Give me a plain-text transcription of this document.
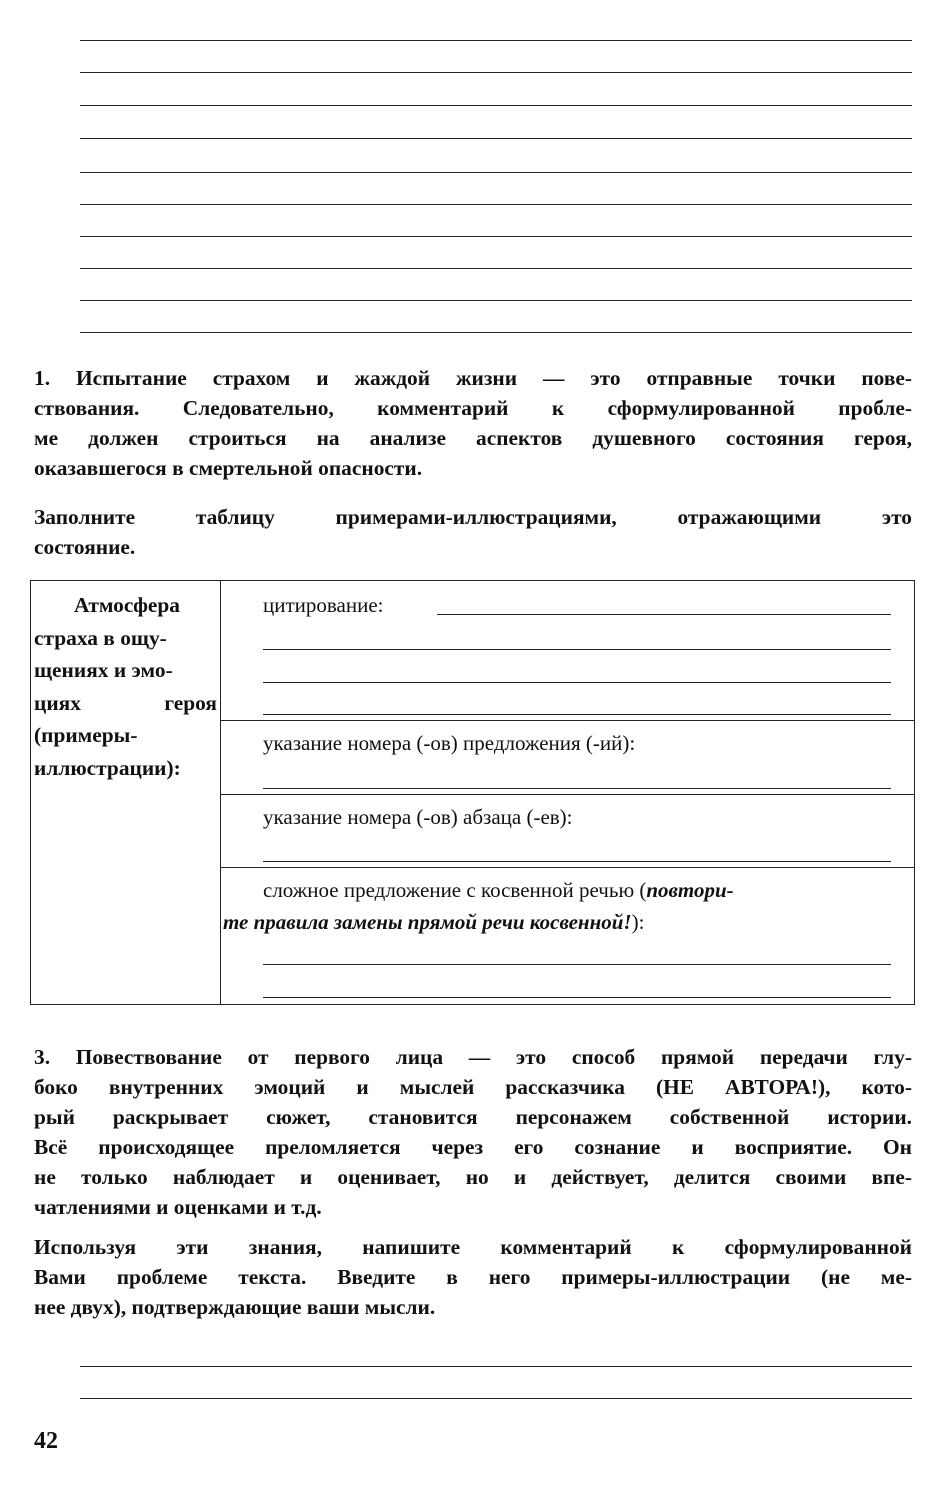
1. Испытание страхом и жаждой жизни — это отправные точки пове-
ствования. Следовательно, комментарий к сформулированной пробле-
ме должен строиться на анализе аспектов душевного состояния героя,
оказавшегося в смертельной опасности.

Заполните таблицу примерами-иллюстрациями, отражающими это
состояние.

Атмосфера
страха в ощу-
щениях и эмо-
циях	героя
(примеры-
иллюстрации):

цитирование:
указание номера (-ов) предложения (-ий):
указание номера (-ов) абзаца (-ев):
сложное предложение с косвенной речью (повтори-
те правила замены прямой речи косвенной!):

3. Повествование от первого лица — это способ прямой передачи глу-
боко внутренних эмоций и мыслей рассказчика (НЕ АВТОРА!), кото-
рый раскрывает сюжет, становится персонажем собственной истории.
Всё происходящее преломляется через его сознание и восприятие. Он
не только наблюдает и оценивает, но и действует, делится своими впе-
чатлениями и оценками и т.д.

Используя эти знания, напишите комментарий к сформулированной
Вами проблеме текста. Введите в него примеры-иллюстрации (не ме-
нее двух), подтверждающие ваши мысли.

42
